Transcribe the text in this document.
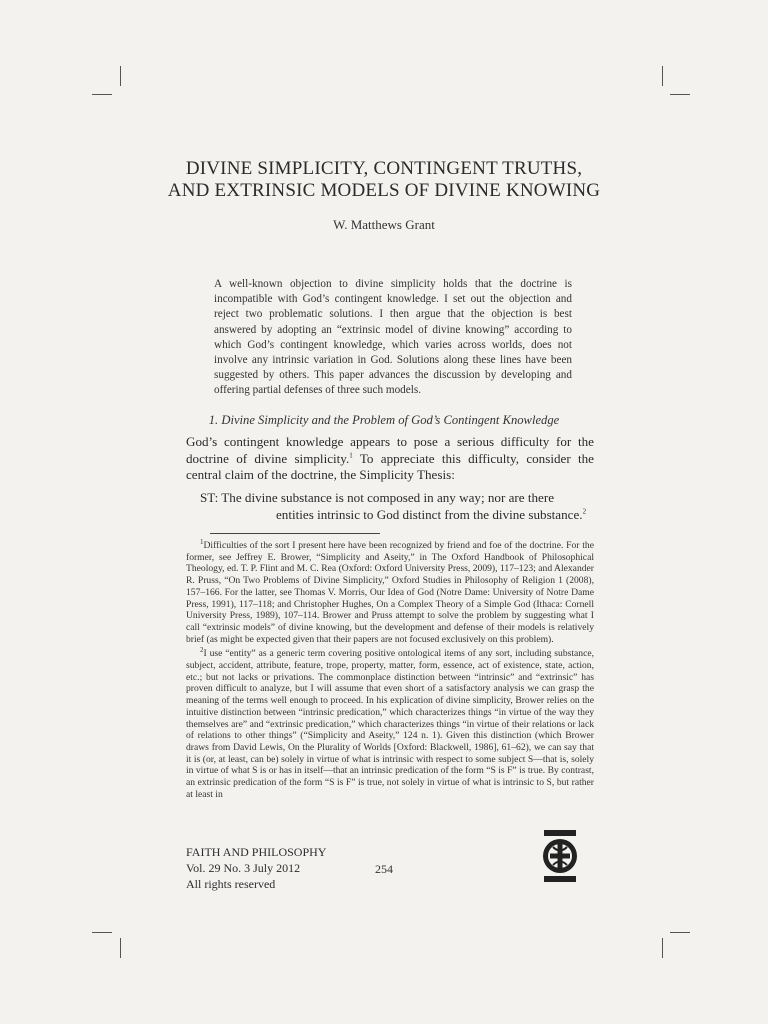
DIVINE SIMPLICITY, CONTINGENT TRUTHS,
AND EXTRINSIC MODELS OF DIVINE KNOWING
W. Matthews Grant
A well-known objection to divine simplicity holds that the doctrine is incompatible with God’s contingent knowledge. I set out the objection and reject two problematic solutions. I then argue that the objection is best answered by adopting an “extrinsic model of divine knowing” according to which God’s contingent knowledge, which varies across worlds, does not involve any intrinsic variation in God. Solutions along these lines have been suggested by others. This paper advances the discussion by developing and offering partial defenses of three such models.
1. Divine Simplicity and the Problem of God’s Contingent Knowledge
God’s contingent knowledge appears to pose a serious difficulty for the doctrine of divine simplicity.$^1$ To appreciate this difficulty, consider the central claim of the doctrine, the Simplicity Thesis:
ST: The divine substance is not composed in any way; nor are there
entities intrinsic to God distinct from the divine substance.$^2$

$^1$Difficulties of the sort I present here have been recognized by friend and foe of the doctrine. For the former, see Jeffrey E. Brower, “Simplicity and Aseity,” in The Oxford Handbook of Philosophical Theology, ed. T. P. Flint and M. C. Rea (Oxford: Oxford University Press, 2009), 117–123; and Alexander R. Pruss, “On Two Problems of Divine Simplicity,” Oxford Studies in Philosophy of Religion 1 (2008), 157–166. For the latter, see Thomas V. Morris, Our Idea of God (Notre Dame: University of Notre Dame Press, 1991), 117–118; and Christopher Hughes, On a Complex Theory of a Simple God (Ithaca: Cornell University Press, 1989), 107–114. Brower and Pruss attempt to solve the problem by suggesting what I call “extrinsic models” of divine knowing, but the development and defense of their models is relatively brief (as might be expected given that their papers are not focused exclusively on this problem).

$^2$I use “entity” as a generic term covering positive ontological items of any sort, including substance, subject, accident, attribute, feature, trope, property, matter, form, essence, act of existence, state, action, etc.; but not lacks or privations. The commonplace distinction between “intrinsic” and “extrinsic” has proven difficult to analyze, but I will assume that even short of a satisfactory analysis we can grasp the meaning of the terms well enough to proceed. In his explication of divine simplicity, Brower relies on the intuitive distinction between “intrinsic predication,” which characterizes things “in virtue of the way they themselves are” and “extrinsic predication,” which characterizes things “in virtue of their relations or lack of relations to other things” (“Simplicity and Aseity,” 124 n. 1). Given this distinction (which Brower draws from David Lewis, On the Plurality of Worlds [Oxford: Blackwell, 1986], 61–62), we can say that it is (or, at least, can be) solely in virtue of what is intrinsic with respect to some subject S—that is, solely in virtue of what S is or has in itself—that an intrinsic predication of the form “S is F” is true. By contrast, an extrinsic predication of the form “S is F” is true, not solely in virtue of what is intrinsic to S, but rather at least in

FAITH AND PHILOSOPHY
Vol. 29 No. 3 July 2012
All rights reserved
254
